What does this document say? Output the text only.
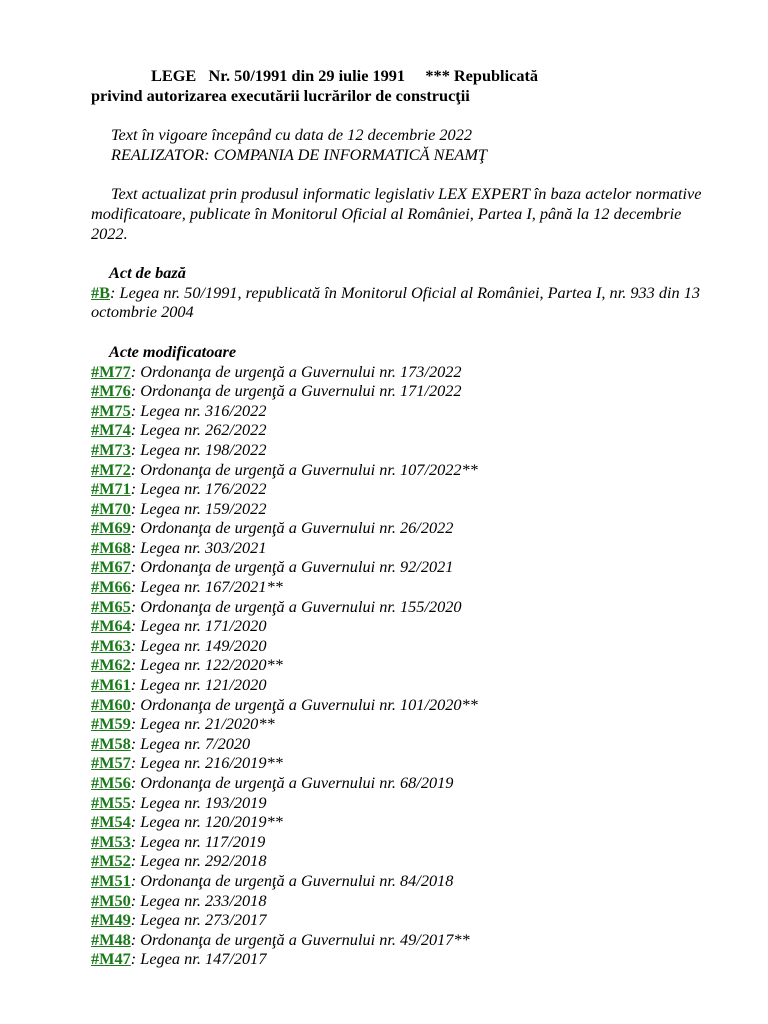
LEGE   Nr. 50/1991 din 29 iulie 1991     *** Republicată
privind autorizarea executării lucrărilor de construcţii
Text în vigoare începând cu data de 12 decembrie 2022
REALIZATOR: COMPANIA DE INFORMATICĂ NEAMŢ
Text actualizat prin produsul informatic legislativ LEX EXPERT în baza actelor normative modificatoare, publicate în Monitorul Oficial al României, Partea I, până la 12 decembrie 2022.
Act de bază
#B: Legea nr. 50/1991, republicată în Monitorul Oficial al României, Partea I, nr. 933 din 13 octombrie 2004
Acte modificatoare
#M77: Ordonanţa de urgenţă a Guvernului nr. 173/2022
#M76: Ordonanţa de urgenţă a Guvernului nr. 171/2022
#M75: Legea nr. 316/2022
#M74: Legea nr. 262/2022
#M73: Legea nr. 198/2022
#M72: Ordonanţa de urgenţă a Guvernului nr. 107/2022**
#M71: Legea nr. 176/2022
#M70: Legea nr. 159/2022
#M69: Ordonanţa de urgenţă a Guvernului nr. 26/2022
#M68: Legea nr. 303/2021
#M67: Ordonanţa de urgenţă a Guvernului nr. 92/2021
#M66: Legea nr. 167/2021**
#M65: Ordonanţa de urgenţă a Guvernului nr. 155/2020
#M64: Legea nr. 171/2020
#M63: Legea nr. 149/2020
#M62: Legea nr. 122/2020**
#M61: Legea nr. 121/2020
#M60: Ordonanţa de urgenţă a Guvernului nr. 101/2020**
#M59: Legea nr. 21/2020**
#M58: Legea nr. 7/2020
#M57: Legea nr. 216/2019**
#M56: Ordonanţa de urgenţă a Guvernului nr. 68/2019
#M55: Legea nr. 193/2019
#M54: Legea nr. 120/2019**
#M53: Legea nr. 117/2019
#M52: Legea nr. 292/2018
#M51: Ordonanţa de urgenţă a Guvernului nr. 84/2018
#M50: Legea nr. 233/2018
#M49: Legea nr. 273/2017
#M48: Ordonanţa de urgenţă a Guvernului nr. 49/2017**
#M47: Legea nr. 147/2017
